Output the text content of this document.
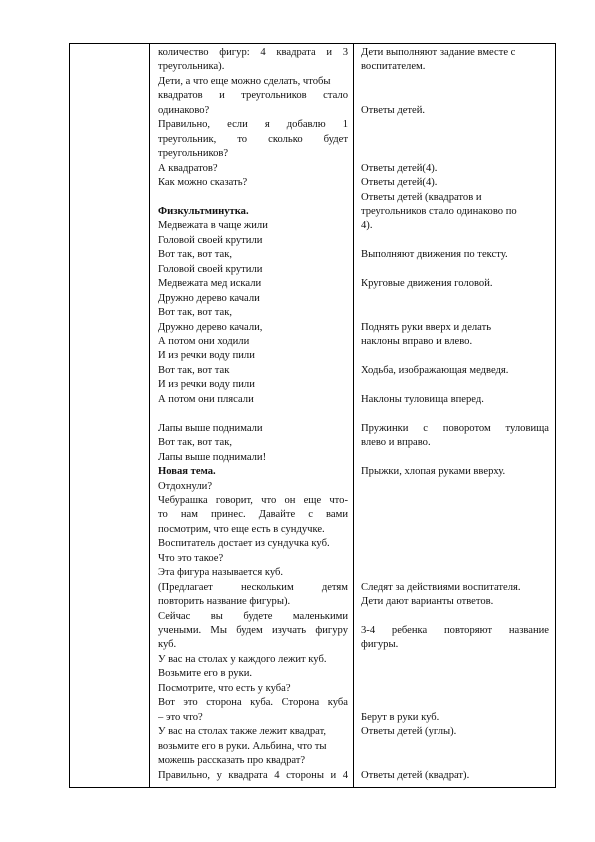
количество фигур: 4 квадрата и 3
треугольника).
Дети, а что еще можно сделать, чтобы
квадратов и треугольников стало
одинаково?
Правильно, если я добавлю 1
треугольник, то сколько будет
треугольников?
А квадратов?
Как можно сказать?
Физкультминутка.
Медвежата в чаще жили
Головой своей крутили
Вот так, вот так,
Головой своей крутили
Медвежата мед искали
Дружно дерево качали
Вот так, вот так,
Дружно дерево качали,
А потом они ходили
И из речки воду пили
Вот так, вот так
И из речки воду пили
А потом они плясали
Лапы выше поднимали
Вот так, вот так,
Лапы выше поднимали!
Новая тема.
Отдохнули?
Чебурашка говорит, что он еще что-
то нам принес. Давайте с вами
посмотрим, что еще есть в сундучке.
Воспитатель достает из сундучка куб.
Что это такое?
Эта фигура называется куб.
(Предлагает нескольким детям
повторить название фигуры).
Сейчас вы будете маленькими
учеными. Мы будем изучать фигуру
куб.
У вас на столах у каждого лежит куб.
Возьмите его в руки.
Посмотрите, что есть у куба?
Вот это сторона куба. Сторона куба
– это что?
У вас на столах также лежит квадрат,
возьмите его в руки. Альбина, что ты
можешь рассказать про квадрат?
Правильно, у квадрата 4 стороны и 4
Дети выполняют задание вместе с
воспитателем.
Ответы детей.
Ответы детей(4).
Ответы детей(4).
Ответы детей (квадратов и
треугольников стало одинаково по
4).
Выполняют движения по тексту.
Круговые движения головой.
Поднять руки вверх и делать
наклоны вправо и влево.
Ходьба, изображающая медведя.
Наклоны туловища вперед.
Пружинки с поворотом туловища
влево и вправо.
Прыжки, хлопая руками вверху.
Следят за действиями воспитателя.
Дети дают варианты ответов.
3-4 ребенка повторяют название
фигуры.
Берут в руки куб.
Ответы детей (углы).
Ответы детей (квадрат).
